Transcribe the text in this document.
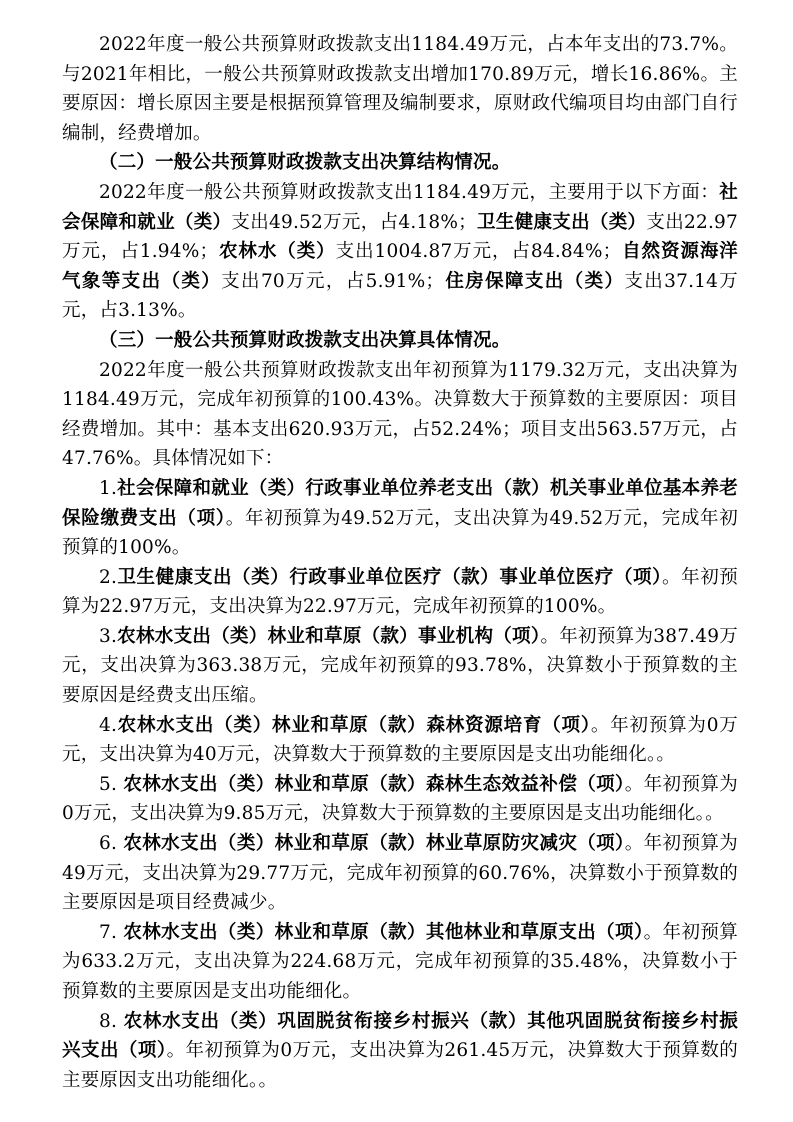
2022年度一般公共预算财政拨款支出1184.49万元，占本年支出的73.7%。与2021年相比，一般公共预算财政拨款支出增加170.89万元，增长16.86%。主要原因：增长原因主要是根据预算管理及编制要求，原财政代编项目均由部门自行编制，经费增加。

（二）一般公共预算财政拨款支出决算结构情况。

2022年度一般公共预算财政拨款支出1184.49万元，主要用于以下方面：社会保障和就业（类）支出49.52万元，占4.18%；卫生健康支出（类）支出22.97万元，占1.94%；农林水（类）支出1004.87万元，占84.84%；自然资源海洋气象等支出（类）支出70万元，占5.91%；住房保障支出（类）支出37.14万元，占3.13%。

（三）一般公共预算财政拨款支出决算具体情况。

2022年度一般公共预算财政拨款支出年初预算为1179.32万元，支出决算为1184.49万元，完成年初预算的100.43%。决算数大于预算数的主要原因：项目经费增加。其中：基本支出620.93万元，占52.24%；项目支出563.57万元，占47.76%。具体情况如下：

1.社会保障和就业（类）行政事业单位养老支出（款）机关事业单位基本养老保险缴费支出（项）。年初预算为49.52万元，支出决算为49.52万元，完成年初预算的100%。

2.卫生健康支出（类）行政事业单位医疗（款）事业单位医疗（项）。年初预算为22.97万元，支出决算为22.97万元，完成年初预算的100%。

3.农林水支出（类）林业和草原（款）事业机构（项）。年初预算为387.49万元，支出决算为363.38万元，完成年初预算的93.78%，决算数小于预算数的主要原因是经费支出压缩。

4.农林水支出（类）林业和草原（款）森林资源培育（项）。年初预算为0万元，支出决算为40万元，决算数大于预算数的主要原因是支出功能细化。。

5. 农林水支出（类）林业和草原（款）森林生态效益补偿（项）。年初预算为0万元，支出决算为9.85万元，决算数大于预算数的主要原因是支出功能细化。。

6. 农林水支出（类）林业和草原（款）林业草原防灾减灾（项）。年初预算为49万元，支出决算为29.77万元，完成年初预算的60.76%，决算数小于预算数的主要原因是项目经费减少。

7. 农林水支出（类）林业和草原（款）其他林业和草原支出（项）。年初预算为633.2万元，支出决算为224.68万元，完成年初预算的35.48%，决算数小于预算数的主要原因是支出功能细化。

8. 农林水支出（类）巩固脱贫衔接乡村振兴（款）其他巩固脱贫衔接乡村振兴支出（项）。年初预算为0万元，支出决算为261.45万元，决算数大于预算数的主要原因支出功能细化。。
